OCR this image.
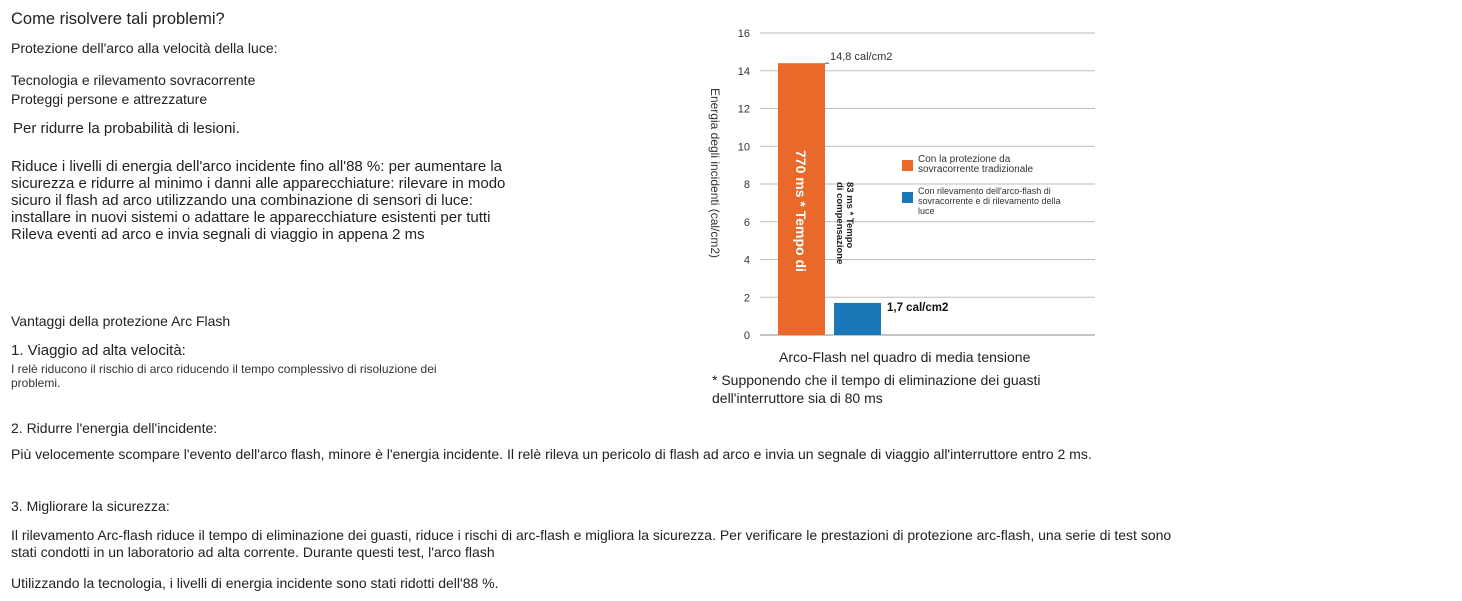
Come risolvere tali problemi?
Protezione dell'arco alla velocità della luce:
Tecnologia e rilevamento sovracorrente
Proteggi persone e attrezzature
Per ridurre la probabilità di lesioni.
Riduce i livelli di energia dell'arco incidente fino all'88 %: per aumentare la
sicurezza e ridurre al minimo i danni alle apparecchiature: rilevare in modo
sicuro il flash ad arco utilizzando una combinazione di sensori di luce:
installare in nuovi sistemi o adattare le apparecchiature esistenti per tutti
Rileva eventi ad arco e invia segnali di viaggio in appena 2 ms
Vantaggi della protezione Arc Flash
1. Viaggio ad alta velocità:
I relè riducono il rischio di arco riducendo il tempo complessivo di risoluzione dei
problemi.
2. Ridurre l'energia dell'incidente:
Più velocemente scompare l'evento dell'arco flash, minore è l'energia incidente. Il relè rileva un pericolo di flash ad arco e invia un segnale di viaggio all'interruttore entro 2 ms.
3. Migliorare la sicurezza:
Il rilevamento Arc-flash riduce il tempo di eliminazione dei guasti, riduce i rischi di arc-flash e migliora la sicurezza. Per verificare le prestazioni di protezione arc-flash, una serie di test sono
stati condotti in un laboratorio ad alta corrente. Durante questi test, l'arco flash
Utilizzando la tecnologia, i livelli di energia incidente sono stati ridotti dell'88 %.
0
2
4
6
8
10
12
14
16
Energia degli incidenti (cal/cm2)	770 ms * Tempo di	83 ms * Tempodi compensazione
14,8 cal/cm2
1,7 cal/cm2
Con la protezione da sovracorrente tradizionale
Con rilevamento dell'arco-flash di sovracorrente e di rilevamento della luce
Arco-Flash nel quadro di media tensione
* Supponendo che il tempo di eliminazione dei guasti
dell'interruttore sia di 80 ms
